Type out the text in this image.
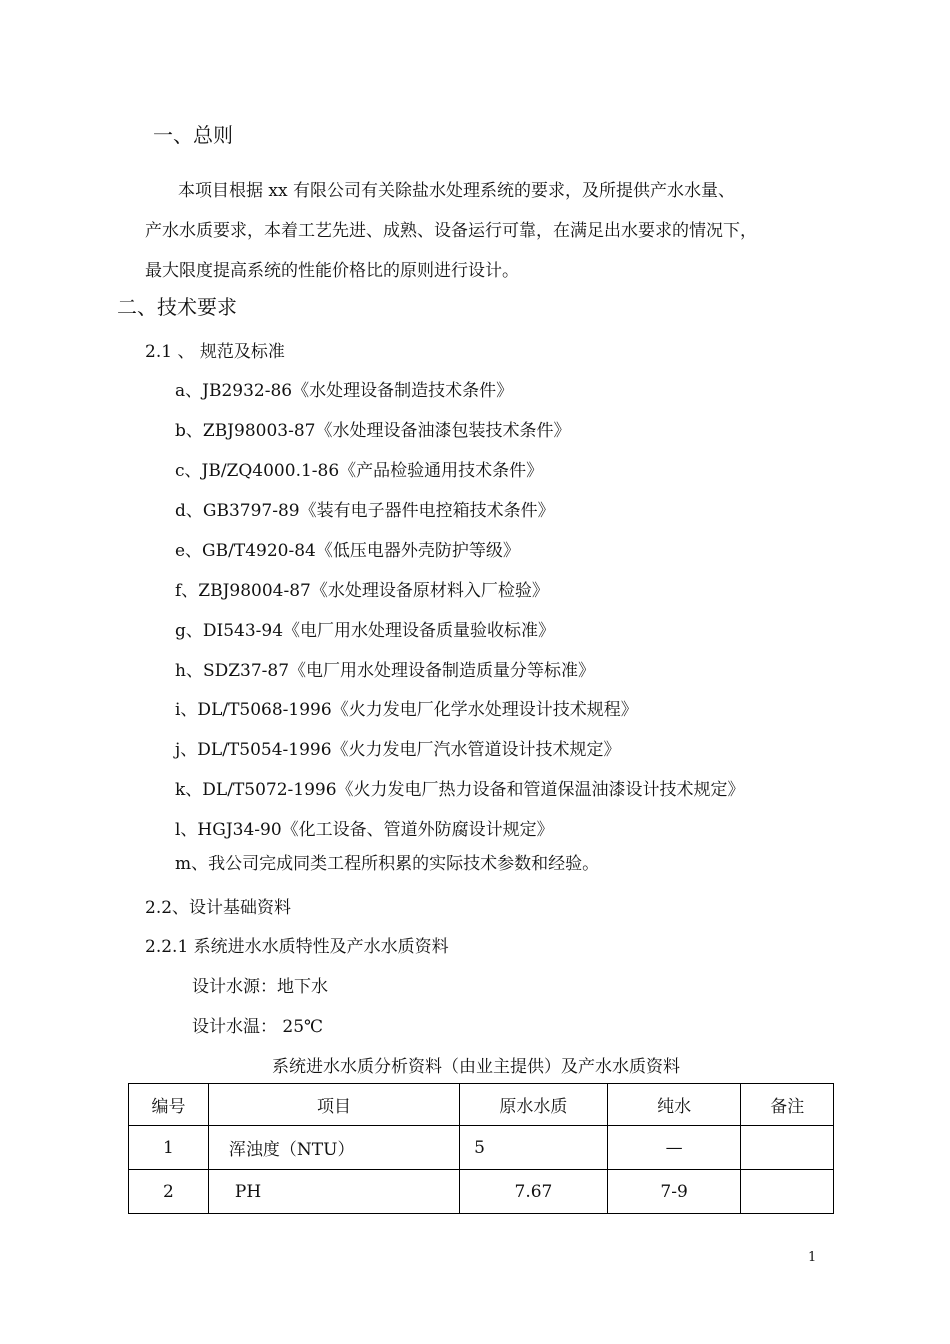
一、总则
本项目根据 xx 有限公司有关除盐水处理系统的要求，及所提供产水水量、
产水水质要求，本着工艺先进、成熟、设备运行可靠，在满足出水要求的情况下，
最大限度提高系统的性能价格比的原则进行设计。
二、技术要求
2.1 、 规范及标准
a、JB2932-86《水处理设备制造技术条件》
b、ZBJ98003-87《水处理设备油漆包装技术条件》
c、JB/ZQ4000.1-86《产品检验通用技术条件》
d、GB3797-89《装有电子器件电控箱技术条件》
e、GB/T4920-84《低压电器外壳防护等级》
f、ZBJ98004-87《水处理设备原材料入厂检验》
g、DI543-94《电厂用水处理设备质量验收标准》
h、SDZ37-87《电厂用水处理设备制造质量分等标准》
i、DL/T5068-1996《火力发电厂化学水处理设计技术规程》
j、DL/T5054-1996《火力发电厂汽水管道设计技术规定》
k、DL/T5072-1996《火力发电厂热力设备和管道保温油漆设计技术规定》
l、HGJ34-90《化工设备、管道外防腐设计规定》
m、我公司完成同类工程所积累的实际技术参数和经验。
2.2、设计基础资料
2.2.1 系统进水水质特性及产水水质资料
设计水源：地下水
设计水温： 25℃
系统进水水质分析资料（由业主提供）及产水水质资料
编号	项目	原水水质	纯水	备注
1	浑浊度（NTU）	5	—	
2	PH	7.67	7-9	
1
